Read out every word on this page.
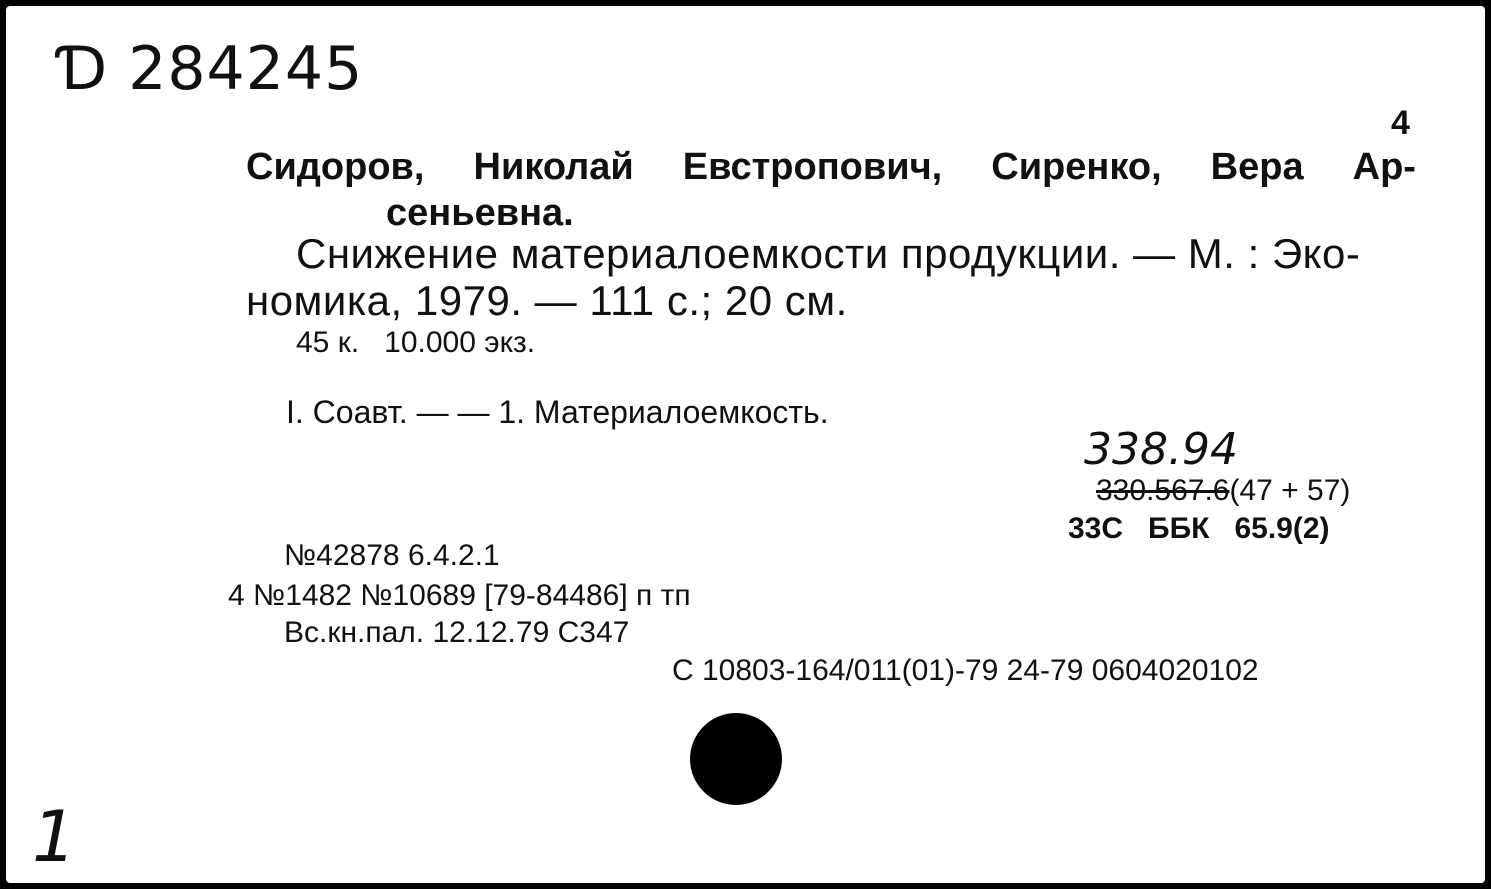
Ɗ 284245
4
Сидоров, Николай Евстропович, Сиренко, Вера Ар-
сеньевна.
Снижение материалоемкости продукции. — М. : Эко-
номика, 1979. — 111 с.; 20 см.
45 к.   10.000 экз.
I. Соавт. — — 1. Материалоемкость.
338.94
330.567.6(47 + 57)
33С   ББК   65.9(2)
№42878 6.4.2.1
4 №1482 №10689 [79-84486] п тп
Вс.кн.пал. 12.12.79 С347
С 10803-164/011(01)-79 24-79 0604020102
1
